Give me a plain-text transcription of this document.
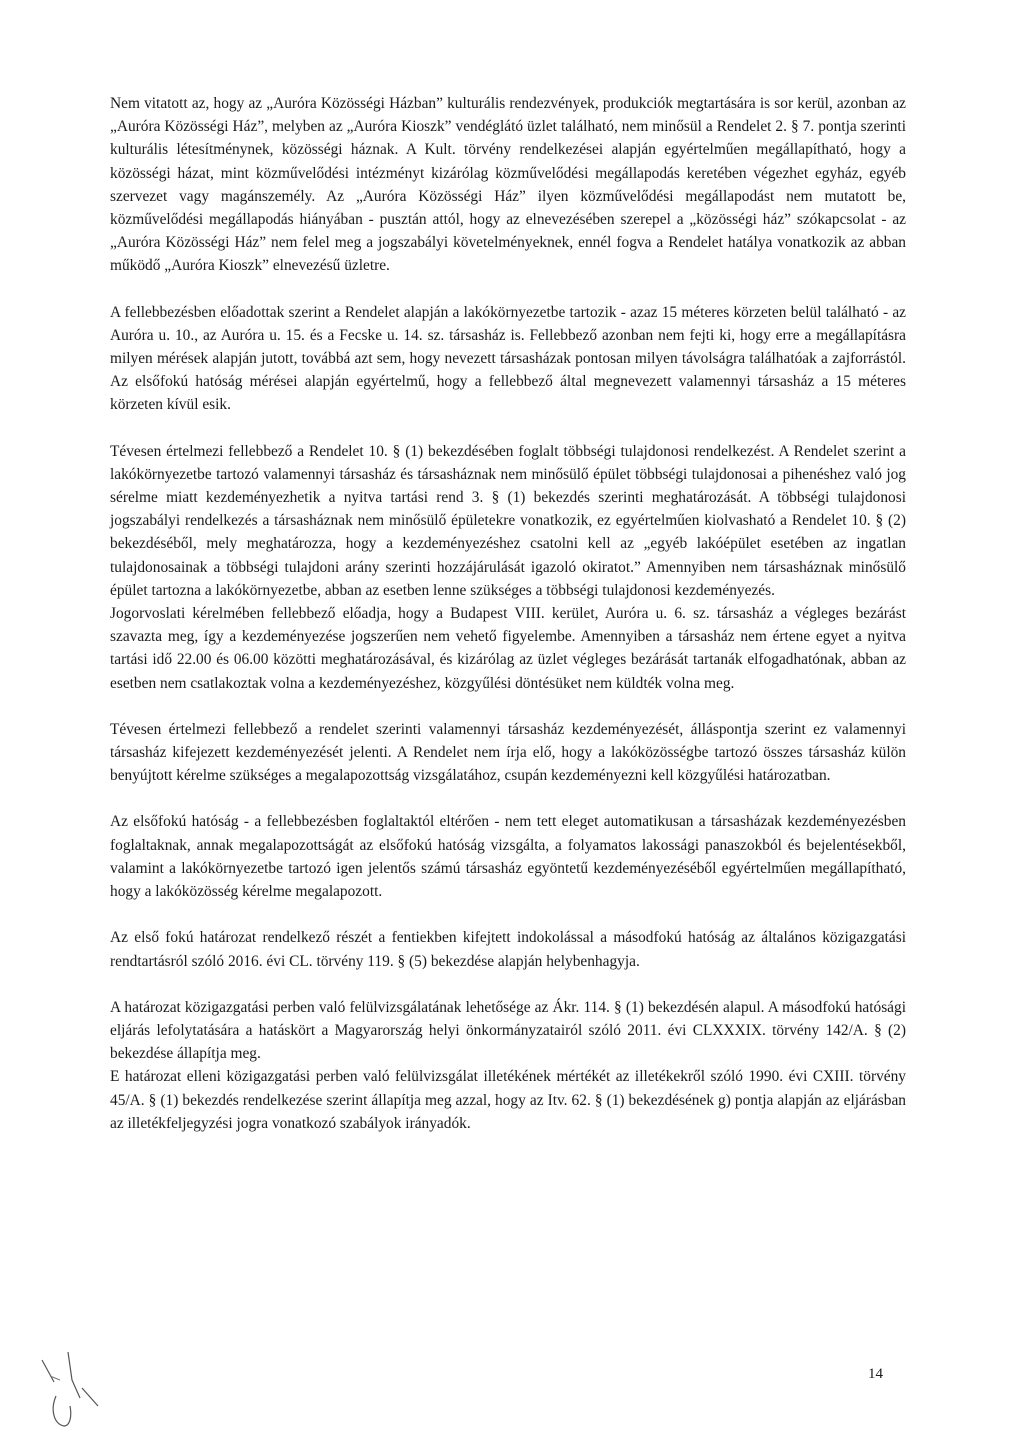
Nem vitatott az, hogy az „Auróra Közösségi Házban” kulturális rendezvények, produkciók megtartására is sor kerül, azonban az „Auróra Közösségi Ház”, melyben az „Auróra Kioszk” vendéglátó üzlet található, nem minősül a Rendelet 2. § 7. pontja szerinti kulturális létesítménynek, közösségi háznak. A Kult. törvény rendelkezései alapján egyértelműen megállapítható, hogy a közösségi házat, mint közművelődési intézményt kizárólag közművelődési megállapodás keretében végezhet egyház, egyéb szervezet vagy magánszemély. Az „Auróra Közösségi Ház” ilyen közművelődési megállapodást nem mutatott be, közművelődési megállapodás hiányában - pusztán attól, hogy az elnevezésében szerepel a „közösségi ház” szókapcsolat - az „Auróra Közösségi Ház” nem felel meg a jogszabályi követelményeknek, ennél fogva a Rendelet hatálya vonatkozik az abban működő „Auróra Kioszk” elnevezésű üzletre.

A fellebbezésben előadottak szerint a Rendelet alapján a lakókörnyezetbe tartozik - azaz 15 méteres körzeten belül található - az Auróra u. 10., az Auróra u. 15. és a Fecske u. 14. sz. társasház is. Fellebbező azonban nem fejti ki, hogy erre a megállapításra milyen mérések alapján jutott, továbbá azt sem, hogy nevezett társasházak pontosan milyen távolságra találhatóak a zajforrástól. Az elsőfokú hatóság mérései alapján egyértelmű, hogy a fellebbező által megnevezett valamennyi társasház a 15 méteres körzeten kívül esik.

Tévesen értelmezi fellebbező a Rendelet 10. § (1) bekezdésében foglalt többségi tulajdonosi rendelkezést. A Rendelet szerint a lakókörnyezetbe tartozó valamennyi társasház és társasháznak nem minősülő épület többségi tulajdonosai a pihenéshez való jog sérelme miatt kezdeményezhetik a nyitva tartási rend 3. § (1) bekezdés szerinti meghatározását. A többségi tulajdonosi jogszabályi rendelkezés a társasháznak nem minősülő épületekre vonatkozik, ez egyértelműen kiolvasható a Rendelet 10. § (2) bekezdéséből, mely meghatározza, hogy a kezdeményezéshez csatolni kell az „egyéb lakóépület esetében az ingatlan tulajdonosainak a többségi tulajdoni arány szerinti hozzájárulását igazoló okiratot.” Amennyiben nem társasháznak minősülő épület tartozna a lakókörnyezetbe, abban az esetben lenne szükséges a többségi tulajdonosi kezdeményezés.

Jogorvoslati kérelmében fellebbező előadja, hogy a Budapest VIII. kerület, Auróra u. 6. sz. társasház a végleges bezárást szavazta meg, így a kezdeményezése jogszerűen nem vehető figyelembe. Amennyiben a társasház nem értene egyet a nyitva tartási idő 22.00 és 06.00 közötti meghatározásával, és kizárólag az üzlet végleges bezárását tartanák elfogadhatónak, abban az esetben nem csatlakoztak volna a kezdeményezéshez, közgyűlési döntésüket nem küldték volna meg.

Tévesen értelmezi fellebbező a rendelet szerinti valamennyi társasház kezdeményezését, álláspontja szerint ez valamennyi társasház kifejezett kezdeményezését jelenti. A Rendelet nem írja elő, hogy a lakóközösségbe tartozó összes társasház külön benyújtott kérelme szükséges a megalapozottság vizsgálatához, csupán kezdeményezni kell közgyűlési határozatban.

Az elsőfokú hatóság - a fellebbezésben foglaltaktól eltérően - nem tett eleget automatikusan a társasházak kezdeményezésben foglaltaknak, annak megalapozottságát az elsőfokú hatóság vizsgálta, a folyamatos lakossági panaszokból és bejelentésekből, valamint a lakókörnyezetbe tartozó igen jelentős számú társasház egyöntetű kezdeményezéséből egyértelműen megállapítható, hogy a lakóközösség kérelme megalapozott.

Az első fokú határozat rendelkező részét a fentiekben kifejtett indokolással a másodfokú hatóság az általános közigazgatási rendtartásról szóló 2016. évi CL. törvény 119. § (5) bekezdése alapján helybenhagyja.

A határozat közigazgatási perben való felülvizsgálatának lehetősége az Ákr. 114. § (1) bekezdésén alapul. A másodfokú hatósági eljárás lefolytatására a hatáskört a Magyarország helyi önkormányzatairól szóló 2011. évi CLXXXIX. törvény 142/A. § (2) bekezdése állapítja meg.

E határozat elleni közigazgatási perben való felülvizsgálat illetékének mértékét az illetékekről szóló 1990. évi CXIII. törvény 45/A. § (1) bekezdés rendelkezése szerint állapítja meg azzal, hogy az Itv. 62. § (1) bekezdésének g) pontja alapján az eljárásban az illetékfeljegyzési jogra vonatkozó szabályok irányadók.

14
